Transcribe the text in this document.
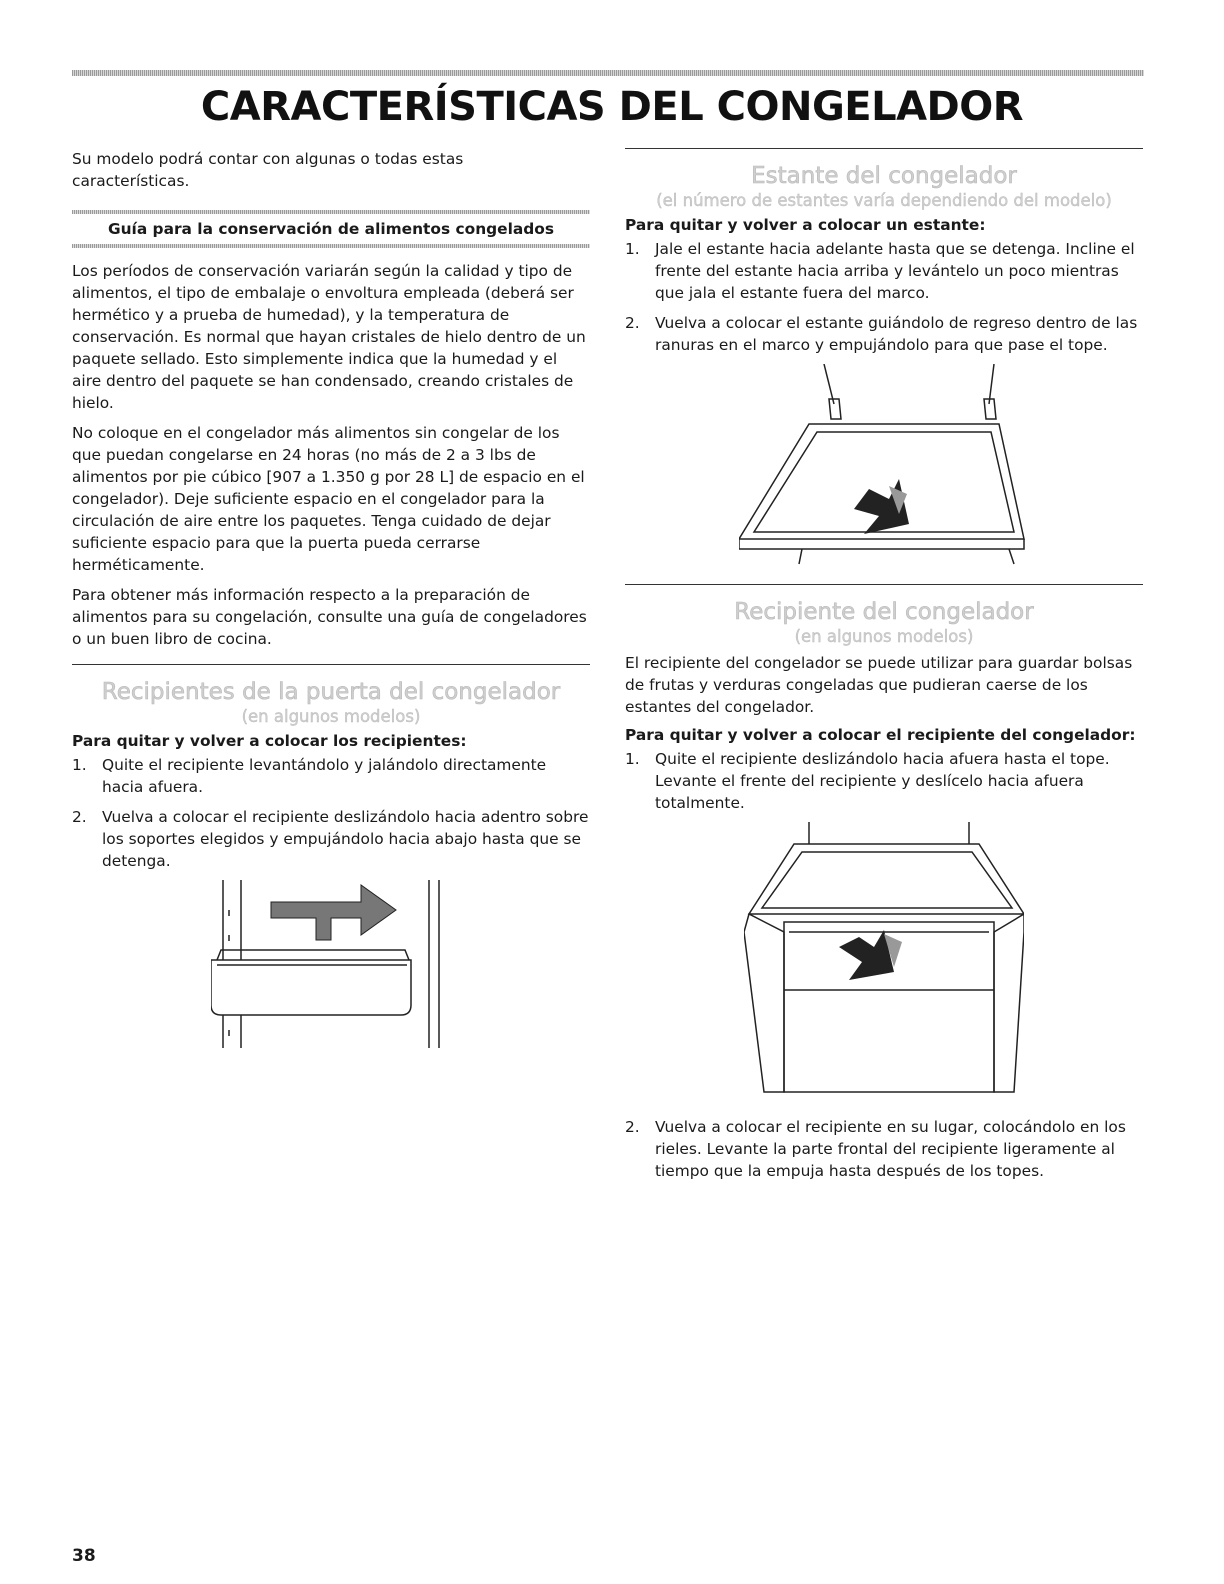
CARACTERÍSTICAS DEL CONGELADOR

Su modelo podrá contar con algunas o todas estas características.

Guía para la conservación de alimentos congelados

Los períodos de conservación variarán según la calidad y tipo de alimentos, el tipo de embalaje o envoltura empleada (deberá ser hermético y a prueba de humedad), y la temperatura de conservación. Es normal que hayan cristales de hielo dentro de un paquete sellado. Esto simplemente indica que la humedad y el aire dentro del paquete se han condensado, creando cristales de hielo.

No coloque en el congelador más alimentos sin congelar de los que puedan congelarse en 24 horas (no más de 2 a 3 lbs de alimentos por pie cúbico [907 a 1.350 g por 28 L] de espacio en el congelador). Deje suficiente espacio en el congelador para la circulación de aire entre los paquetes. Tenga cuidado de dejar suficiente espacio para que la puerta pueda cerrarse herméticamente.

Para obtener más información respecto a la preparación de alimentos para su congelación, consulte una guía de congeladores o un buen libro de cocina.

Recipientes de la puerta del congelador
(en algunos modelos)
Para quitar y volver a colocar los recipientes:
1. Quite el recipiente levantándolo y jalándolo directamente hacia afuera.
2. Vuelva a colocar el recipiente deslizándolo hacia adentro sobre los soportes elegidos y empujándolo hacia abajo hasta que se detenga.
Estante del congelador
(el número de estantes varía dependiendo del modelo)
Para quitar y volver a colocar un estante:
1. Jale el estante hacia adelante hasta que se detenga. Incline el frente del estante hacia arriba y levántelo un poco mientras que jala el estante fuera del marco.
2. Vuelva a colocar el estante guiándolo de regreso dentro de las ranuras en el marco y empujándolo para que pase el tope.
Recipiente del congelador
(en algunos modelos)

El recipiente del congelador se puede utilizar para guardar bolsas de frutas y verduras congeladas que pudieran caerse de los estantes del congelador.

Para quitar y volver a colocar el recipiente del congelador:
1. Quite el recipiente deslizándolo hacia afuera hasta el tope. Levante el frente del recipiente y deslícelo hacia afuera totalmente.
2. Vuelva a colocar el recipiente en su lugar, colocándolo en los rieles. Levante la parte frontal del recipiente ligeramente al tiempo que la empuja hasta después de los topes.
38
